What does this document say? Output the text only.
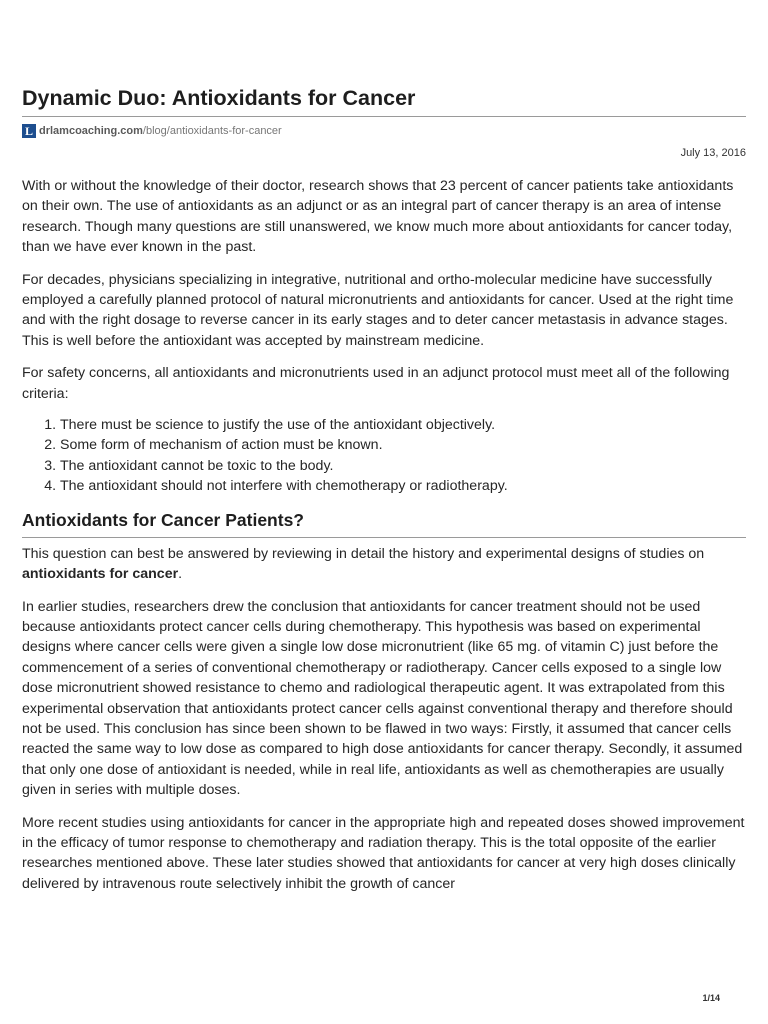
Dynamic Duo: Antioxidants for Cancer
L drlamcoaching.com/blog/antioxidants-for-cancer
July 13, 2016

With or without the knowledge of their doctor, research shows that 23 percent of cancer patients take antioxidants on their own. The use of antioxidants as an adjunct or as an integral part of cancer therapy is an area of intense research. Though many questions are still unanswered, we know much more about antioxidants for cancer today, than we have ever known in the past.

For decades, physicians specializing in integrative, nutritional and ortho-molecular medicine have successfully employed a carefully planned protocol of natural micronutrients and antioxidants for cancer. Used at the right time and with the right dosage to reverse cancer in its early stages and to deter cancer metastasis in advance stages. This is well before the antioxidant was accepted by mainstream medicine.

For safety concerns, all antioxidants and micronutrients used in an adjunct protocol must meet all of the following criteria:

1. There must be science to justify the use of the antioxidant objectively.
2. Some form of mechanism of action must be known.
3. The antioxidant cannot be toxic to the body.
4. The antioxidant should not interfere with chemotherapy or radiotherapy.
Antioxidants for Cancer Patients?

This question can best be answered by reviewing in detail the history and experimental designs of studies on antioxidants for cancer.

In earlier studies, researchers drew the conclusion that antioxidants for cancer treatment should not be used because antioxidants protect cancer cells during chemotherapy. This hypothesis was based on experimental designs where cancer cells were given a single low dose micronutrient (like 65 mg. of vitamin C) just before the commencement of a series of conventional chemotherapy or radiotherapy. Cancer cells exposed to a single low dose micronutrient showed resistance to chemo and radiological therapeutic agent. It was extrapolated from this experimental observation that antioxidants protect cancer cells against conventional therapy and therefore should not be used. This conclusion has since been shown to be flawed in two ways: Firstly, it assumed that cancer cells reacted the same way to low dose as compared to high dose antioxidants for cancer therapy. Secondly, it assumed that only one dose of antioxidant is needed, while in real life, antioxidants as well as chemotherapies are usually given in series with multiple doses.

More recent studies using antioxidants for cancer in the appropriate high and repeated doses showed improvement in the efficacy of tumor response to chemotherapy and radiation therapy. This is the total opposite of the earlier researches mentioned above. These later studies showed that antioxidants for cancer at very high doses clinically delivered by intravenous route selectively inhibit the growth of cancer

1/14
